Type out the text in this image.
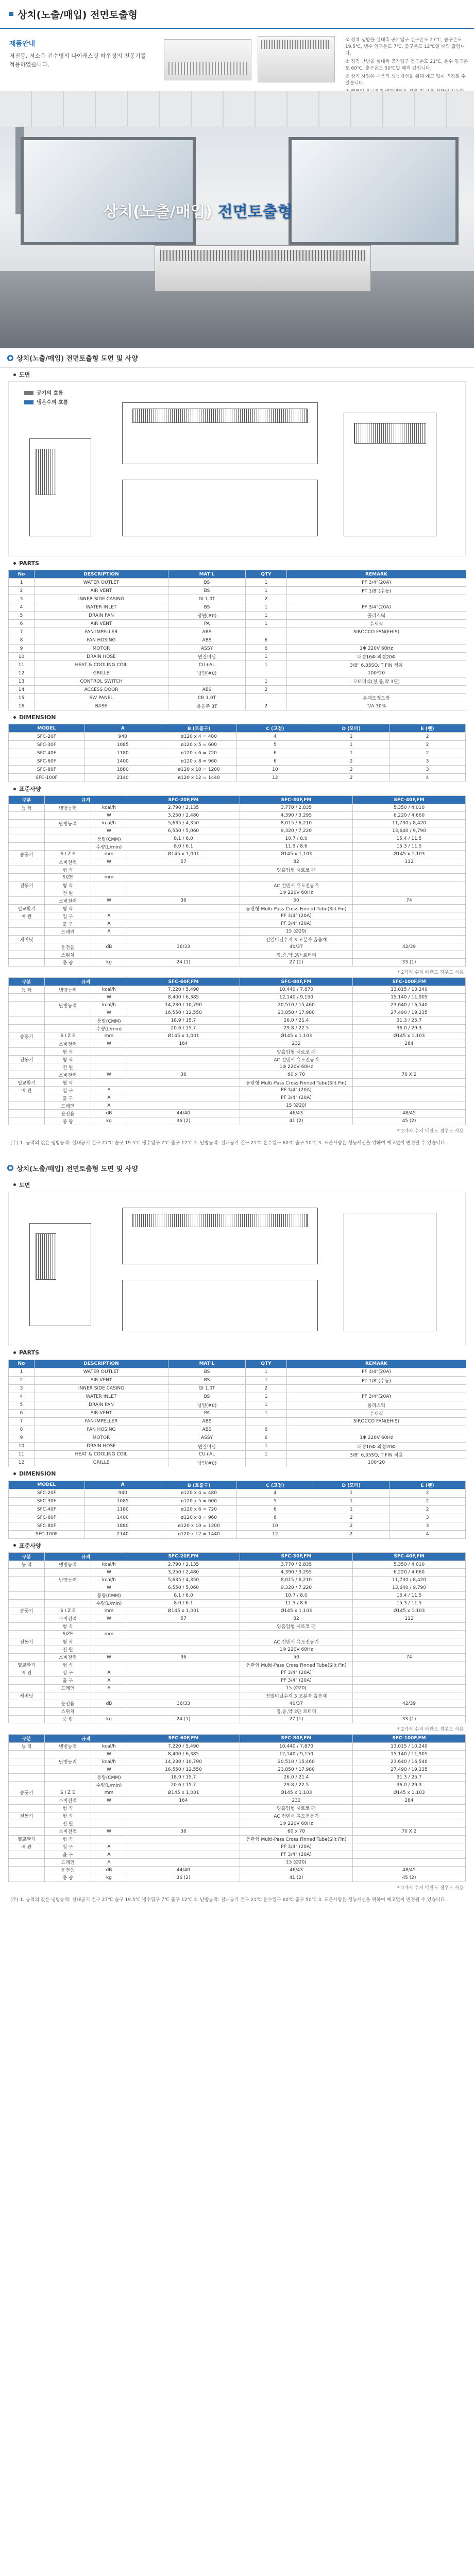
상치(노출/매입) 전면토출형
제품안내

저진동, 저소음 긴수명의 다이캐스팅 하우징의 전동기를 적용하였습니다.

① 정격 냉방을 실내측 공기입구 건구온도 27℃, 습구온도 19.5℃, 냉수 입구온도 7℃, 출구온도 12℃일 때의 값입니다.
② 정격 난방을 실내측 공기입구 건구온도 21℃, 온수 입구온도 60℃, 출구온도 50℃일 때의 값입니다.
③ 상기 사양은 제품의 성능개선을 위해 예고 없이 변경될 수 있습니다.
상치(노출/매입) 전면토출형
상치(노출/매입) 전면토출형 도면 및 사양
도면
공기의 흐름
냉온수의 흐름
PARTS
No	DESCRIPTION	MAT'L	QTY	REMARK
1	WATER OUTLET	BS	1	PF 3/4"(20A)
2	AIR VENT	BS	1	PT 1/8"(수동)
3	INNER SIDE CASING	GI 1.0T	2	
4	WATER INLET	BS	1	PF 3/4"(20A)
5	DRAIN PAN	냉연(#0)	1	폴리스틱
6	AIR VENT	PA	1	수세식
7	FAN IMPELLER	ABS		SIROCCO FAN(EHIS)
8	FAN HOSING	ABS	6	
9	MOTOR	ASSY	6	1Φ 220V 60Hz
10	DRAIN HOSE	연질비닐	1	내경16Φ 외경20Φ
11	HEAT & COOLING COIL	CU+AL	1	3/8" 6,35SQ,IT FIN 적용
12	GRILLE	냉연(#0)		100*20
13	CONTROL SWITCH		1	로터리식(정,중,약 3단)
14	ACCESS DOOR	ABS	2	
15	SW PANEL	CR 1.0T		분체도장도장
16	BASE	용융주 3T	2	T/A 30%
DIMENSION
MODEL	A	B (토출구)	C (고정)	D (모터)	E (팬)
SFC-20F	940	ø120 x 4 = 480	4	1	2
SFC-30F	1085	ø120 x 5 = 600	5	1	2
SFC-40F	1180	ø120 x 6 = 720	6	1	2
SFC-60F	1400	ø120 x 8 = 960	6	2	3
SFC-80F	1880	ø120 x 10 = 1200	10	2	3
SFC-100F	2140	ø120 x 12 = 1440	12	2	4
표준사양
구분	규격		SFC-20F,FM	SFC-30F,FM	SFC-40F,FM
능 력	냉방능력	kcal/h	2,790 / 2,135	3,770 / 2,835	5,350 / 4,010
		W	3,250 / 2,480	4,390 / 3,295	6,220 / 4,660
	난방능력	kcal/h	5,635 / 4,350	8,015 / 6,210	11,730 / 8,420
		W	6,550 / 5,060	9,320 / 7,220	13,640 / 9,790
		풍량(CMM)	8.1 / 6.0	10.7 / 8.0	15.4 / 11.5
		수량(L/min)	8.0 / 6.1	11.5 / 8.6	15.3 / 11.5
송풍기	S I Z E	mm	Ø145 x 1,001	Ø145 x 1,103	Ø145 x 1,103
	소비전력	W	57	82	112
	형 식			양흡입형 시로코 팬	
	SIZE	mm			
전동기	형 식			AC 컨덴서 유도전동기	
	전 원			1Φ 220V 60Hz	
	소비전력	W	36	50	74
열교환기	형 식			동관형 Multi-Pass Cross Finned Tube(Slit Fin)	
배 관	입 구	A		PF 3/4" (20A)	
	출 구	A		PF 3/4" (20A)	
	드레인	A		15 (Ø20)	
캐비닛				전열비닐수지 3 고분자 흡음재	
	운전음	dB	36/33	40/37	42/39
	스위치			정,중,약 3단 로터리	
	중 량	kg	24 (1)	27 (1)	33 (1)
* 2가지 수지 배관도 경우도 사용
구분	규격		SFC-60F,FM	SFC-80F,FM	SFC-100F,FM
능 력	냉방능력	kcal/h	7,220 / 5,490	10,440 / 7,870	13,015 / 10,240
		W	8,400 / 6,385	12,140 / 9,150	15,140 / 11,905
	난방능력	kcal/h	14,230 / 10,790	20,510 / 15,460	23,640 / 16,540
		W	16,550 / 12,550	23,850 / 17,980	27,490 / 19,235
		풍량(CMM)	18.9 / 15.7	26.0 / 21.4	31.3 / 25.7
		수량(L/min)	20.6 / 15.7	29.8 / 22.5	36.0 / 29.3
송풍기	S I Z E	mm	Ø145 x 1,001	Ø145 x 1,103	Ø145 x 1,103
	소비전력	W	164	232	284
	형 식			양흡입형 시로코 팬	
전동기	형 식			AC 컨덴서 유도전동기	
	전 원			1Φ 220V 60Hz	
	소비전력	W	36	60 x 70	70 X 2
열교환기	형 식			동관형 Multi-Pass Cross Finned Tube(Slit Fin)	
배 관	입 구	A		PF 3/4" (20A)	
	출 구	A		PF 3/4" (20A)	
	드레인	A		15 (Ø20)	
	운전음	dB	44/40	46/43	48/45
	중 량	kg	36 (2)	41 (2)	45 (2)
* 2가지 수지 배관도 경우도 사용
(주) 1. 능력의 값은 냉방능력: 실내공기 건구 27℃ 습구 19.5℃ 냉수입구 7℃ 출구 12℃ 2. 난방능력: 실내공기 건구 21℃ 온수입구 60℃ 출구 50℃ 3. 표준사양은 성능개선을 위하여 예고없이 변경될 수 있습니다.
상치(노출/매입) 전면토출형 도면 및 사양
도면
PARTS
No	DESCRIPTION	MAT'L	QTY	REMARK
1	WATER OUTLET	BS	1	PF 3/4"(20A)
2	AIR VENT	BS	1	PT 1/8"(수동)
3	INNER SIDE CASING	GI 1.0T	2	
4	WATER INLET	BS	1	PF 3/4"(20A)
5	DRAIN PAN	냉연(#0)	1	폴리스틱
6	AIR VENT	PA	1	수세식
7	FAN IMPELLER	ABS		SIROCCO FAN(EHIS)
8	FAN HOSING	ABS	6	
9	MOTOR	ASSY	6	1Φ 220V 60Hz
10	DRAIN HOSE	연질비닐	1	내경16Φ 외경20Φ
11	HEAT & COOLING COIL	CU+AL	1	3/8" 6,35SQ,IT FIN 적용
12	GRILLE	냉연(#0)		100*20
DIMENSION
MODEL	A	B (토출구)	C (고정)	D (모터)	E (팬)
SFC-20F	940	ø120 x 4 = 480	4	1	2
SFC-30F	1085	ø120 x 5 = 600	5	1	2
SFC-40F	1180	ø120 x 6 = 720	6	1	2
SFC-60F	1400	ø120 x 8 = 960	6	2	3
SFC-80F	1880	ø120 x 10 = 1200	10	2	3
SFC-100F	2140	ø120 x 12 = 1440	12	2	4
표준사양
구분	규격		SFC-20F,FM	SFC-30F,FM	SFC-40F,FM
능 력	냉방능력	kcal/h	2,790 / 2,135	3,770 / 2,835	5,350 / 4,010
		W	3,250 / 2,480	4,390 / 3,295	6,220 / 4,660
	난방능력	kcal/h	5,635 / 4,350	8,015 / 6,210	11,730 / 8,420
		W	6,550 / 5,060	9,320 / 7,220	13,640 / 9,790
		풍량(CMM)	8.1 / 6.0	10.7 / 8.0	15.4 / 11.5
		수량(L/min)	8.0 / 6.1	11.5 / 8.6	15.3 / 11.5
송풍기	S I Z E	mm	Ø145 x 1,001	Ø145 x 1,103	Ø145 x 1,103
	소비전력	W	57	82	112
	형 식			양흡입형 시로코 팬	
	SIZE	mm			
전동기	형 식			AC 컨덴서 유도전동기	
	전 원			1Φ 220V 60Hz	
	소비전력	W	36	50	74
열교환기	형 식			동관형 Multi-Pass Cross Finned Tube(Slit Fin)	
배 관	입 구	A		PF 3/4" (20A)	
	출 구	A		PF 3/4" (20A)	
	드레인	A		15 (Ø20)	
캐비닛				전열비닐수지 3 고분자 흡음재	
	운전음	dB	36/33	40/37	42/39
	스위치			정,중,약 3단 로터리	
	중 량	kg	24 (1)	27 (1)	33 (1)
* 2가지 수지 배관도 경우도 사용
구분	규격		SFC-60F,FM	SFC-80F,FM	SFC-100F,FM
능 력	냉방능력	kcal/h	7,220 / 5,490	10,440 / 7,870	13,015 / 10,240
		W	8,400 / 6,385	12,140 / 9,150	15,140 / 11,905
	난방능력	kcal/h	14,230 / 10,790	20,510 / 15,460	23,640 / 16,540
		W	16,550 / 12,550	23,850 / 17,980	27,490 / 19,235
		풍량(CMM)	18.9 / 15.7	26.0 / 21.4	31.3 / 25.7
		수량(L/min)	20.6 / 15.7	29.8 / 22.5	36.0 / 29.3
송풍기	S I Z E	mm	Ø145 x 1,001	Ø145 x 1,103	Ø145 x 1,103
	소비전력	W	164	232	284
	형 식			양흡입형 시로코 팬	
전동기	형 식			AC 컨덴서 유도전동기	
	전 원			1Φ 220V 60Hz	
	소비전력	W	36	60 x 70	70 X 2
열교환기	형 식			동관형 Multi-Pass Cross Finned Tube(Slit Fin)	
배 관	입 구	A		PF 3/4" (20A)	
	출 구	A		PF 3/4" (20A)	
	드레인	A		15 (Ø20)	
	운전음	dB	44/40	46/43	48/45
	중 량	kg	36 (2)	41 (2)	45 (2)
* 2가지 수지 배관도 경우도 사용
(주) 1. 능력의 값은 냉방능력: 실내공기 건구 27℃ 습구 19.5℃ 냉수입구 7℃ 출구 12℃ 2. 난방능력: 실내공기 건구 21℃ 온수입구 60℃ 출구 50℃ 3. 표준사양은 성능개선을 위하여 예고없이 변경될 수 있습니다.
